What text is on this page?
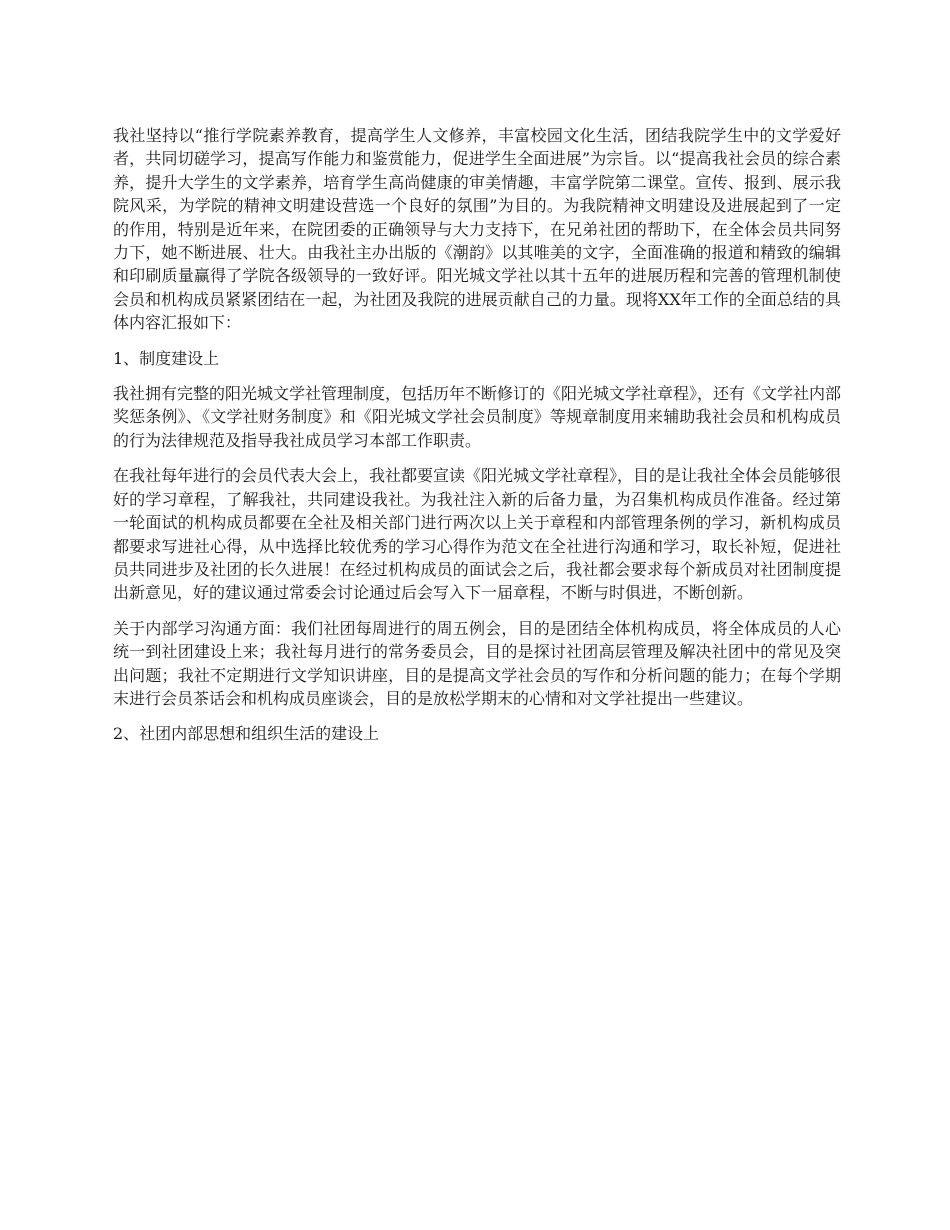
我社坚持以“推行学院素养教育，提高学生人文修养，丰富校园文化生活，团结我院学生中的文学爱好者，共同切磋学习，提高写作能力和鉴赏能力，促进学生全面进展”为宗旨。以“提高我社会员的综合素养，提升大学生的文学素养，培育学生高尚健康的审美情趣，丰富学院第二课堂。宣传、报到、展示我院风采，为学院的精神文明建设营选一个良好的氛围”为目的。为我院精神文明建设及进展起到了一定的作用，特别是近年来，在院团委的正确领导与大力支持下，在兄弟社团的帮助下，在全体会员共同努力下，她不断进展、壮大。由我社主办出版的《潮韵》以其唯美的文字，全面准确的报道和精致的编辑和印刷质量赢得了学院各级领导的一致好评。阳光城文学社以其十五年的进展历程和完善的管理机制使会员和机构成员紧紧团结在一起，为社团及我院的进展贡献自己的力量。现将XX年工作的全面总结的具体内容汇报如下：

1、制度建设上

我社拥有完整的阳光城文学社管理制度，包括历年不断修订的《阳光城文学社章程》，还有《文学社内部奖惩条例》、《文学社财务制度》和《阳光城文学社会员制度》等规章制度用来辅助我社会员和机构成员的行为法律规范及指导我社成员学习本部工作职责。

在我社每年进行的会员代表大会上，我社都要宣读《阳光城文学社章程》，目的是让我社全体会员能够很好的学习章程，了解我社，共同建设我社。为我社注入新的后备力量，为召集机构成员作准备。经过第一轮面试的机构成员都要在全社及相关部门进行两次以上关于章程和内部管理条例的学习，新机构成员都要求写进社心得，从中选择比较优秀的学习心得作为范文在全社进行沟通和学习，取长补短，促进社员共同进步及社团的长久进展！在经过机构成员的面试会之后，我社都会要求每个新成员对社团制度提出新意见，好的建议通过常委会讨论通过后会写入下一届章程，不断与时俱进，不断创新。

关于内部学习沟通方面：我们社团每周进行的周五例会，目的是团结全体机构成员，将全体成员的人心统一到社团建设上来；我社每月进行的常务委员会，目的是探讨社团高层管理及解决社团中的常见及突出问题；我社不定期进行文学知识讲座，目的是提高文学社会员的写作和分析问题的能力；在每个学期末进行会员茶话会和机构成员座谈会，目的是放松学期末的心情和对文学社提出一些建议。

2、社团内部思想和组织生活的建设上
